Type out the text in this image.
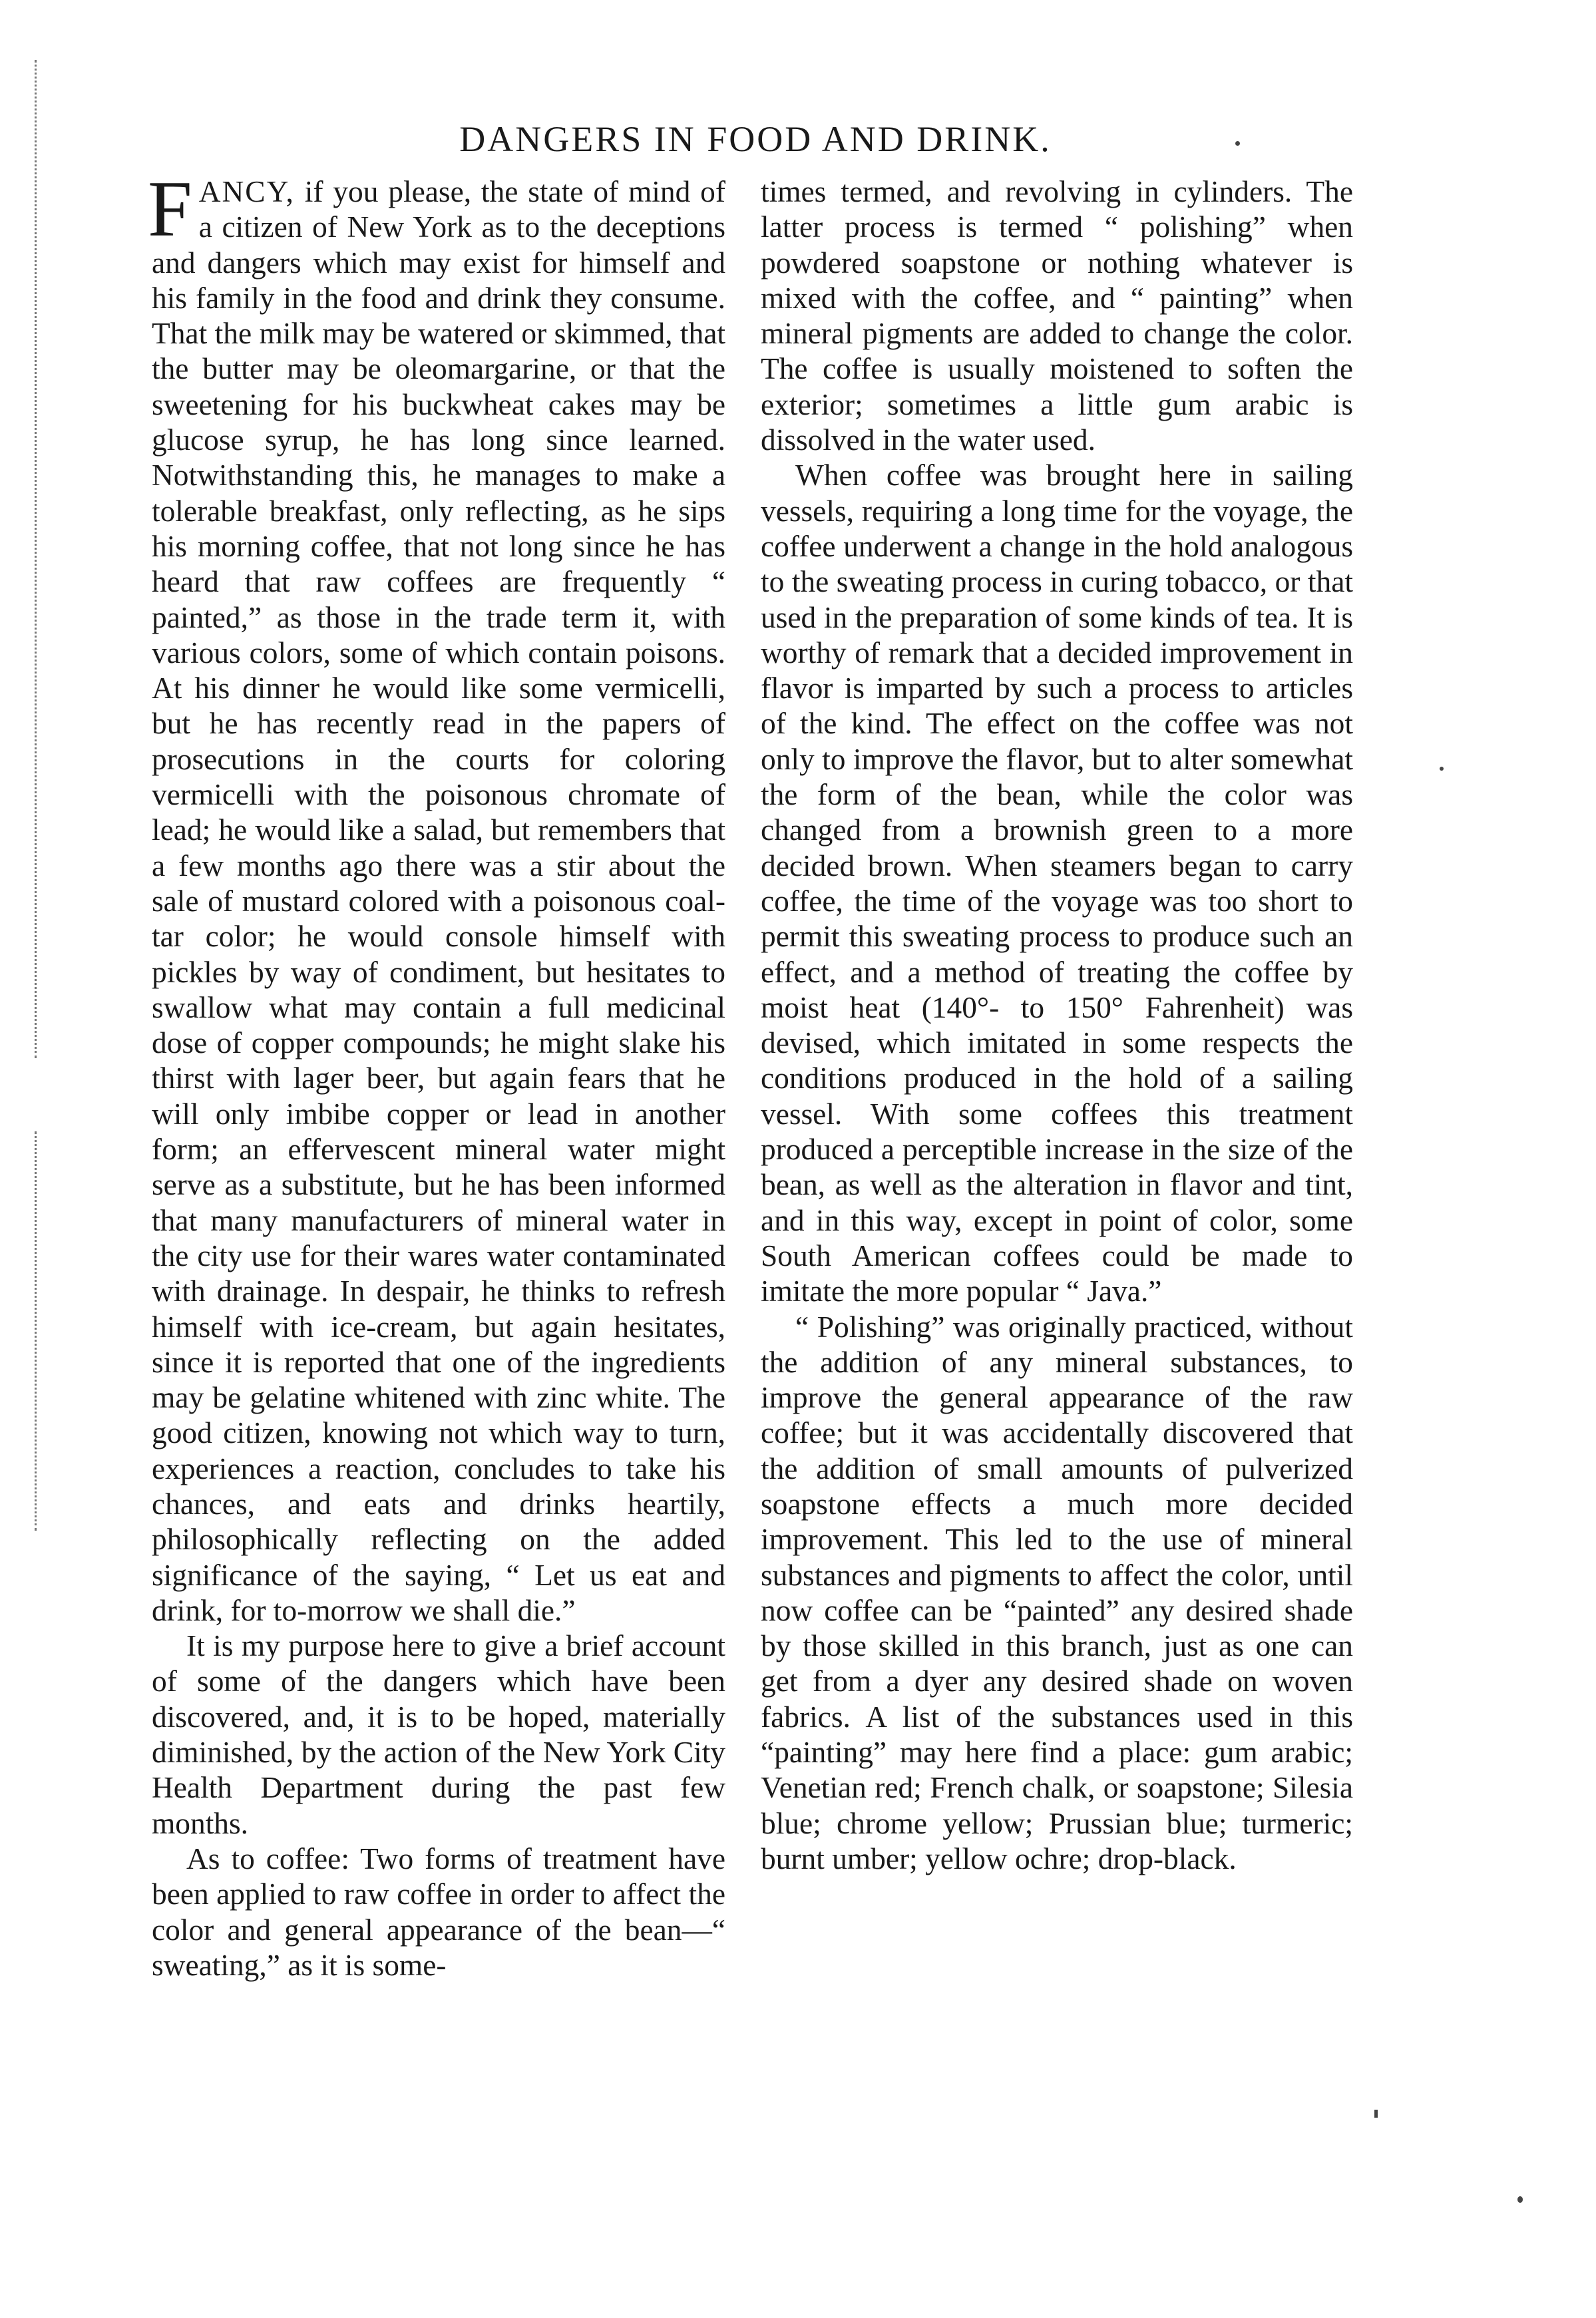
DANGERS IN FOOD AND DRINK.

FANCY, if you please, the state of mind of a citizen of New York as to the deceptions and dangers which may exist for himself and his family in the food and drink they consume. That the milk may be watered or skimmed, that the butter may be oleomargarine, or that the sweetening for his buckwheat cakes may be glucose syrup, he has long since learned. Notwithstanding this, he manages to make a tolerable breakfast, only reflecting, as he sips his morning coffee, that not long since he has heard that raw coffees are frequently “ painted,” as those in the trade term it, with various colors, some of which contain poisons. At his dinner he would like some vermicelli, but he has recently read in the papers of prosecutions in the courts for coloring vermicelli with the poisonous chromate of lead; he would like a salad, but remembers that a few months ago there was a stir about the sale of mustard colored with a poisonous coal-tar color; he would console himself with pickles by way of condiment, but hesitates to swallow what may contain a full medicinal dose of copper compounds; he might slake his thirst with lager beer, but again fears that he will only imbibe copper or lead in another form; an effervescent mineral water might serve as a substitute, but he has been informed that many manufacturers of mineral water in the city use for their wares water contaminated with drainage. In despair, he thinks to refresh himself with ice-cream, but again hesitates, since it is reported that one of the ingredients may be gelatine whitened with zinc white. The good citizen, knowing not which way to turn, experiences a reaction, concludes to take his chances, and eats and drinks heartily, philosophically reflecting on the added significance of the saying, “ Let us eat and drink, for to-morrow we shall die.”

It is my purpose here to give a brief account of some of the dangers which have been discovered, and, it is to be hoped, materially diminished, by the action of the New York City Health Department during the past few months.

As to coffee: Two forms of treatment have been applied to raw coffee in order to affect the color and general appearance of the bean—“ sweating,” as it is some-

times termed, and revolving in cylinders. The latter process is termed “ polishing” when powdered soapstone or nothing whatever is mixed with the coffee, and “ painting” when mineral pigments are added to change the color. The coffee is usually moistened to soften the exterior; sometimes a little gum arabic is dissolved in the water used.

When coffee was brought here in sailing vessels, requiring a long time for the voyage, the coffee underwent a change in the hold analogous to the sweating process in curing tobacco, or that used in the preparation of some kinds of tea. It is worthy of remark that a decided improvement in flavor is imparted by such a process to articles of the kind. The effect on the coffee was not only to improve the flavor, but to alter somewhat the form of the bean, while the color was changed from a brownish green to a more decided brown. When steamers began to carry coffee, the time of the voyage was too short to permit this sweating process to produce such an effect, and a method of treating the coffee by moist heat (140°- to 150° Fahrenheit) was devised, which imitated in some respects the conditions produced in the hold of a sailing vessel. With some coffees this treatment produced a perceptible increase in the size of the bean, as well as the alteration in flavor and tint, and in this way, except in point of color, some South American coffees could be made to imitate the more popular “ Java.”

“ Polishing” was originally practiced, without the addition of any mineral substances, to improve the general appearance of the raw coffee; but it was accidentally discovered that the addition of small amounts of pulverized soapstone effects a much more decided improvement. This led to the use of mineral substances and pigments to affect the color, until now coffee can be “painted” any desired shade by those skilled in this branch, just as one can get from a dyer any desired shade on woven fabrics. A list of the substances used in this “painting” may here find a place: gum arabic; Venetian red; French chalk, or soapstone; Silesia blue; chrome yellow; Prussian blue; turmeric; burnt umber; yellow ochre; drop-black.
